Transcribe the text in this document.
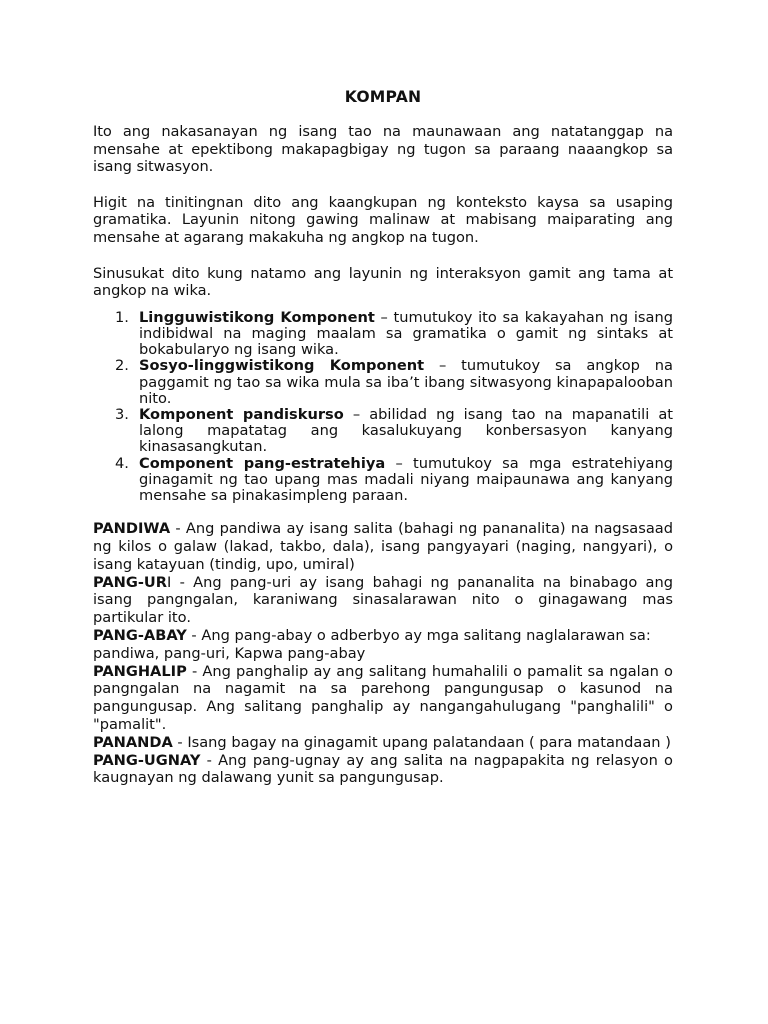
KOMPAN

Ito ang nakasanayan ng isang tao na maunawaan ang natatanggap na mensahe at epektibong makapagbigay ng tugon sa paraang naaangkop sa isang sitwasyon.

Higit na tinitingnan dito ang kaangkupan ng konteksto kaysa sa usaping gramatika. Layunin nitong gawing malinaw at mabisang maiparating ang mensahe at agarang makakuha ng angkop na tugon.

Sinusukat dito kung natamo ang layunin ng interaksyon gamit ang tama at angkop na wika.

1. Lingguwistikong Komponent – tumutukoy ito sa kakayahan ng isang indibidwal na maging maalam sa gramatika o gamit ng sintaks at bokabularyo ng isang wika.
2. Sosyo-linggwistikong Komponent – tumutukoy sa angkop na paggamit ng tao sa wika mula sa iba’t ibang sitwasyong kinapapalooban nito.
3. Komponent pandiskurso – abilidad ng isang tao na mapanatili at lalong mapatatag ang kasalukuyang konbersasyon kanyang kinasasangkutan.
4. Component pang-estratehiya – tumutukoy sa mga estratehiyang ginagamit ng tao upang mas madali niyang maipaunawa ang kanyang mensahe sa pinakasimpleng paraan.
PANDIWA - Ang pandiwa ay isang salita (bahagi ng pananalita) na nagsasaad ng kilos o galaw (lakad, takbo, dala), isang pangyayari (naging, nangyari), o isang katayuan (tindig, upo, umiral)
PANG-URI - Ang pang-uri ay isang bahagi ng pananalita na binabago ang isang pangngalan, karaniwang sinasalarawan nito o ginagawang mas partikular ito.
PANG-ABAY - Ang pang-abay o adberbyo ay mga salitang naglalarawan sa:
pandiwa, pang-uri, Kapwa pang-abay
PANGHALIP - Ang panghalip ay ang salitang humahalili o pamalit sa ngalan o pangngalan na nagamit na sa parehong pangungusap o kasunod na pangungusap. Ang salitang panghalip ay nangangahulugang "panghalili" o "pamalit".
PANANDA - Isang bagay na ginagamit upang palatandaan ( para matandaan )
PANG-UGNAY - Ang pang-ugnay ay ang salita na nagpapakita ng relasyon o kaugnayan ng dalawang yunit sa pangungusap.
